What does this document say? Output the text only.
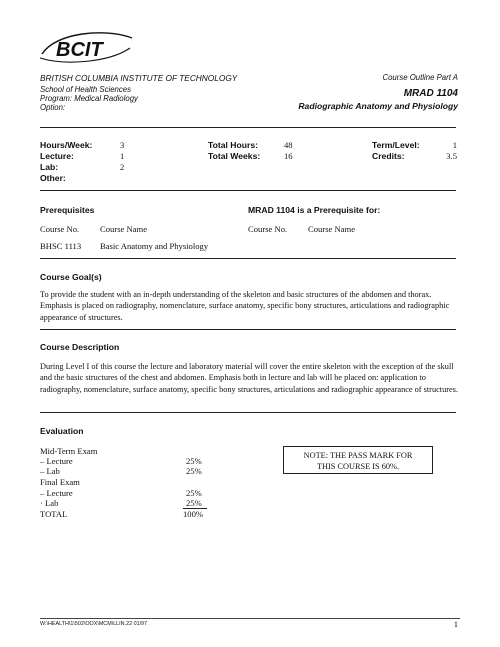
BCIT
BRITISH COLUMBIA INSTITUTE OF TECHNOLOGY
School of Health Sciences
Program: Medical Radiology
Option:
Course Outline Part A
MRAD 1104
Radiographic Anatomy and Physiology
Hours/Week:	3
Lecture:	1
Lab:	2
Other:
Total Hours:	48
Total Weeks:	16
Term/Level:	1
Credits:	3.5
Prerequisites	MRAD 1104 is a Prerequisite for:
Course No. Course Name	Course No. Course Name
BHSC 1113 Basic Anatomy and Physiology
Course Goal(s)
To provide the student with an in-depth understanding of the skeleton and basic structures of the abdomen and thorax. Emphasis is placed on radiography, nomenclature, surface anatomy, specific bony structures, articulations and radiographic appearance of structures.
Course Description
During Level I of this course the lecture and laboratory material will cover the entire skeleton with the exception of the skull and the basic structures of the chest and abdomen. Emphasis both in lecture and lab will be placed on: application to radiography, nomenclature, surface anatomy, specific bony structures, articulations and radiographic appearance of structures.
Evaluation
Mid-Term Exam
– Lecture	25%
– Lab	25%
Final Exam
– Lecture	25%
· Lab	25%
TOTAL	100%
NOTE: THE PASS MARK FOR
THIS COURSE IS 60%.
W:\HEALTH\1\502\OOX\MCM\LLIN.22 01/97	1
